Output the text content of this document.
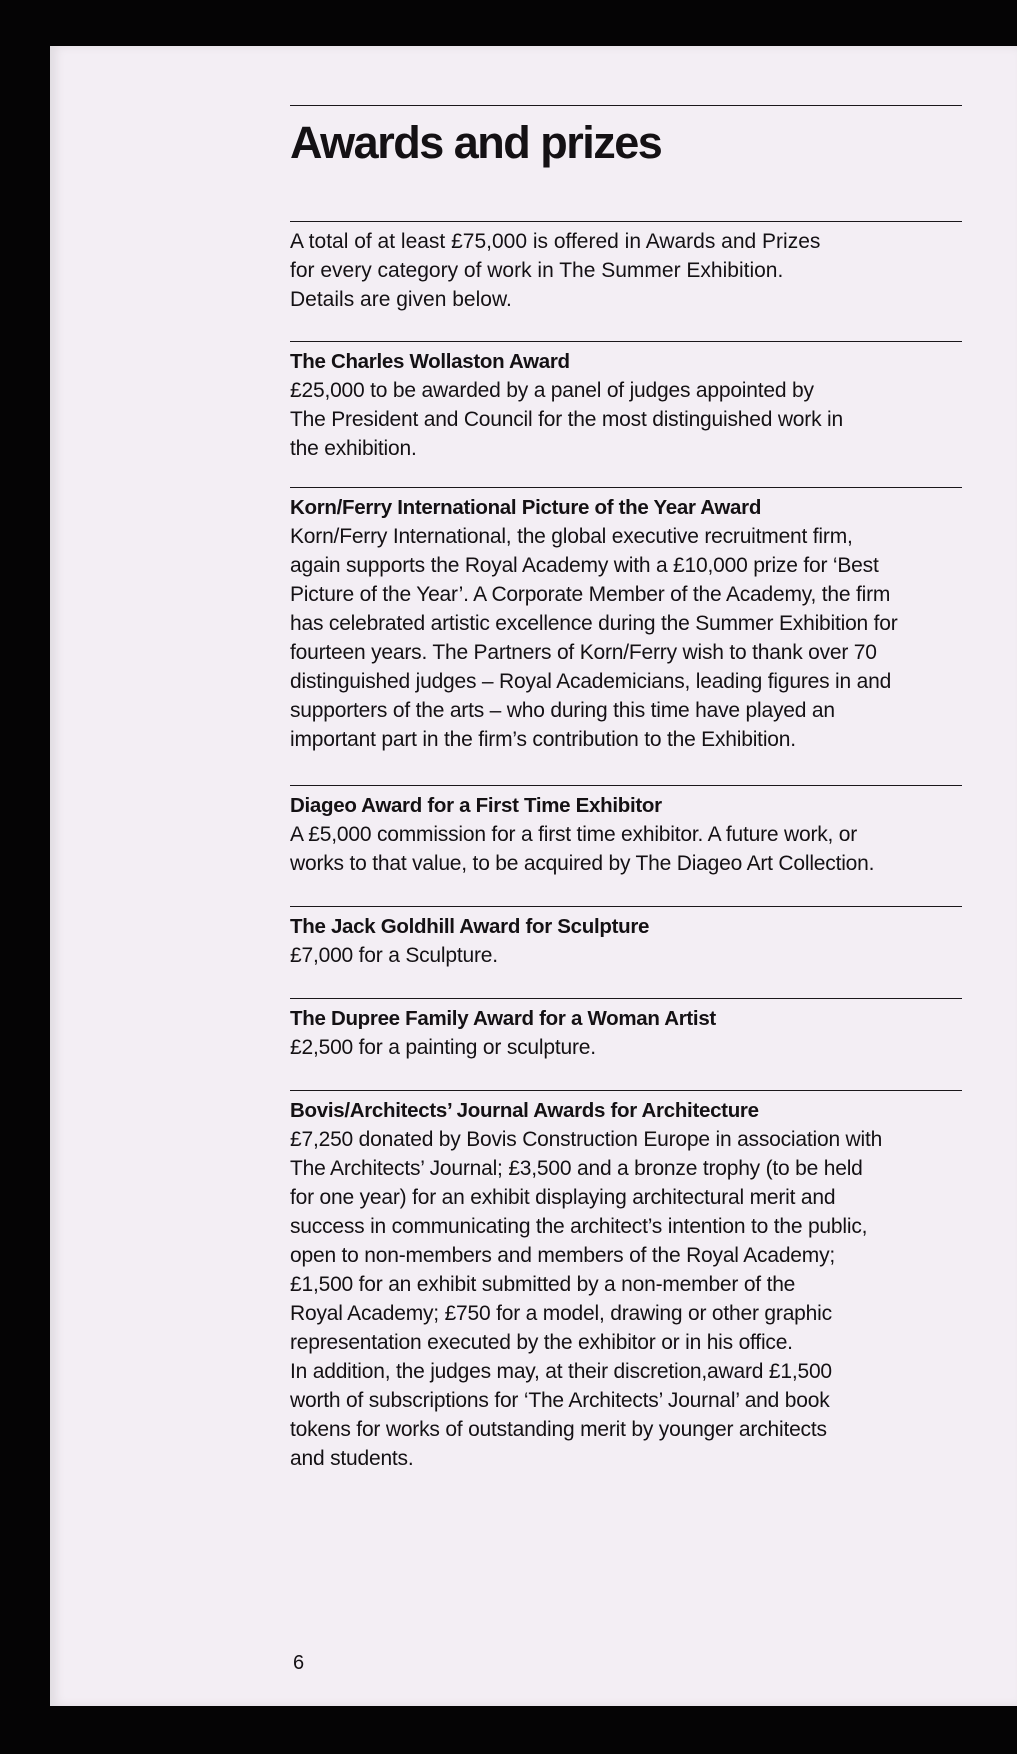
Awards and prizes

A total of at least £75,000 is offered in Awards and Prizes
for every category of work in The Summer Exhibition.
Details are given below.

The Charles Wollaston Award
£25,000 to be awarded by a panel of judges appointed by
The President and Council for the most distinguished work in
the exhibition.
Korn/Ferry International Picture of the Year Award
Korn/Ferry International, the global executive recruitment firm,
again supports the Royal Academy with a £10,000 prize for ‘Best
Picture of the Year’. A Corporate Member of the Academy, the firm
has celebrated artistic excellence during the Summer Exhibition for
fourteen years. The Partners of Korn/Ferry wish to thank over 70
distinguished judges – Royal Academicians, leading figures in and
supporters of the arts – who during this time have played an
important part in the firm’s contribution to the Exhibition.
Diageo Award for a First Time Exhibitor
A £5,000 commission for a first time exhibitor. A future work, or
works to that value, to be acquired by The Diageo Art Collection.
The Jack Goldhill Award for Sculpture
£7,000 for a Sculpture.
The Dupree Family Award for a Woman Artist
£2,500 for a painting or sculpture.
Bovis/Architects’ Journal Awards for Architecture
£7,250 donated by Bovis Construction Europe in association with
The Architects’ Journal; £3,500 and a bronze trophy (to be held
for one year) for an exhibit displaying architectural merit and
success in communicating the architect’s intention to the public,
open to non-members and members of the Royal Academy;
£1,500 for an exhibit submitted by a non-member of the
Royal Academy; £750 for a model, drawing or other graphic
representation executed by the exhibitor or in his office.
In addition, the judges may, at their discretion,award £1,500
worth of subscriptions for ‘The Architects’ Journal’ and book
tokens for works of outstanding merit by younger architects
and students.
6
